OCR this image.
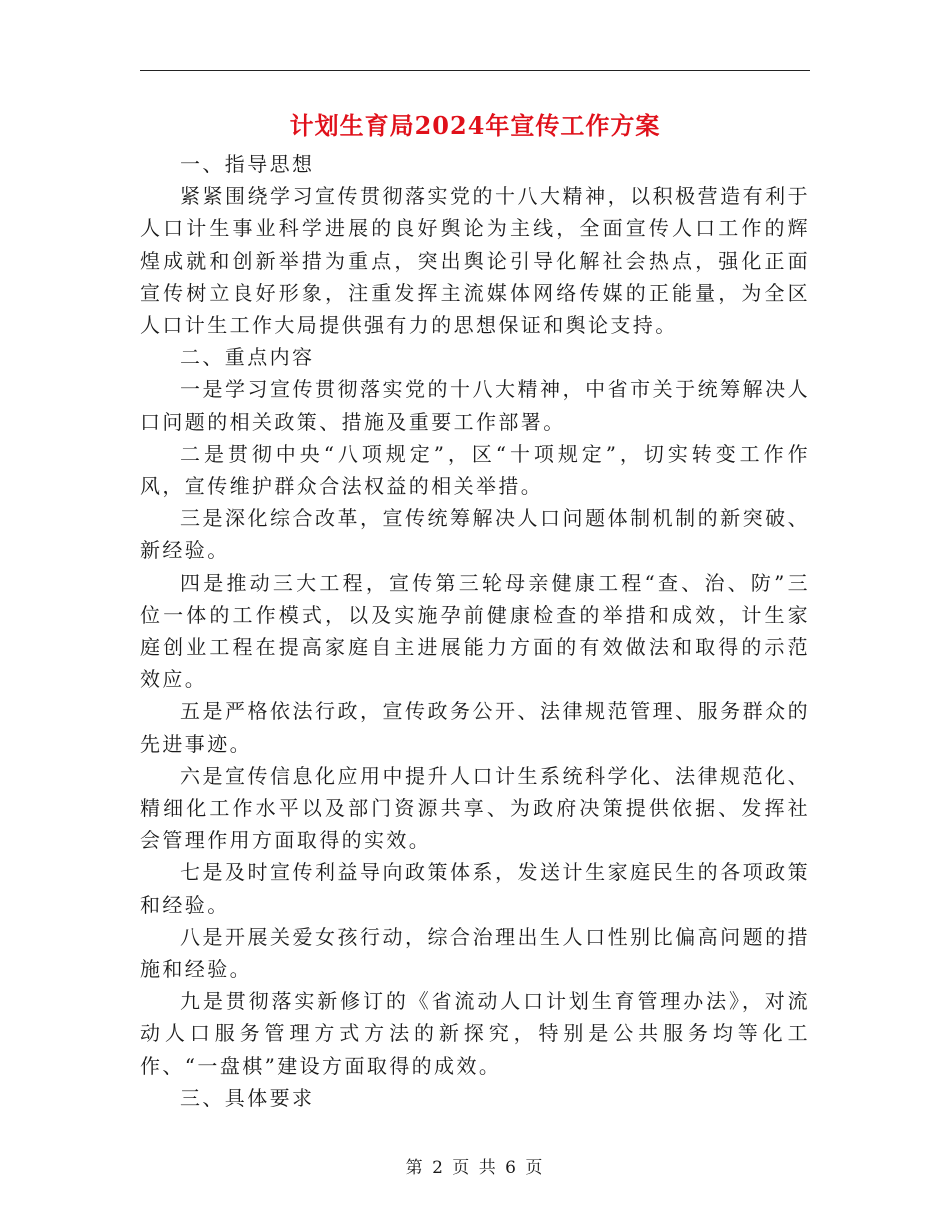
计划生育局2024年宣传工作方案

一、指导思想

紧紧围绕学习宣传贯彻落实党的十八大精神，以积极营造有利于人口计生事业科学进展的良好舆论为主线，全面宣传人口工作的辉煌成就和创新举措为重点，突出舆论引导化解社会热点，强化正面宣传树立良好形象，注重发挥主流媒体网络传媒的正能量，为全区人口计生工作大局提供强有力的思想保证和舆论支持。

二、重点内容

一是学习宣传贯彻落实党的十八大精神，中省市关于统筹解决人口问题的相关政策、措施及重要工作部署。

二是贯彻中央“八项规定”，区“十项规定”，切实转变工作作风，宣传维护群众合法权益的相关举措。

三是深化综合改革，宣传统筹解决人口问题体制机制的新突破、新经验。

四是推动三大工程，宣传第三轮母亲健康工程“查、治、防”三位一体的工作模式，以及实施孕前健康检查的举措和成效，计生家庭创业工程在提高家庭自主进展能力方面的有效做法和取得的示范效应。

五是严格依法行政，宣传政务公开、法律规范管理、服务群众的先进事迹。

六是宣传信息化应用中提升人口计生系统科学化、法律规范化、精细化工作水平以及部门资源共享、为政府决策提供依据、发挥社会管理作用方面取得的实效。

七是及时宣传利益导向政策体系，发送计生家庭民生的各项政策和经验。

八是开展关爱女孩行动，综合治理出生人口性别比偏高问题的措施和经验。

九是贯彻落实新修订的《省流动人口计划生育管理办法》，对流动人口服务管理方式方法的新探究，特别是公共服务均等化工作、“一盘棋”建设方面取得的成效。

三、具体要求

第 2 页 共 6 页
